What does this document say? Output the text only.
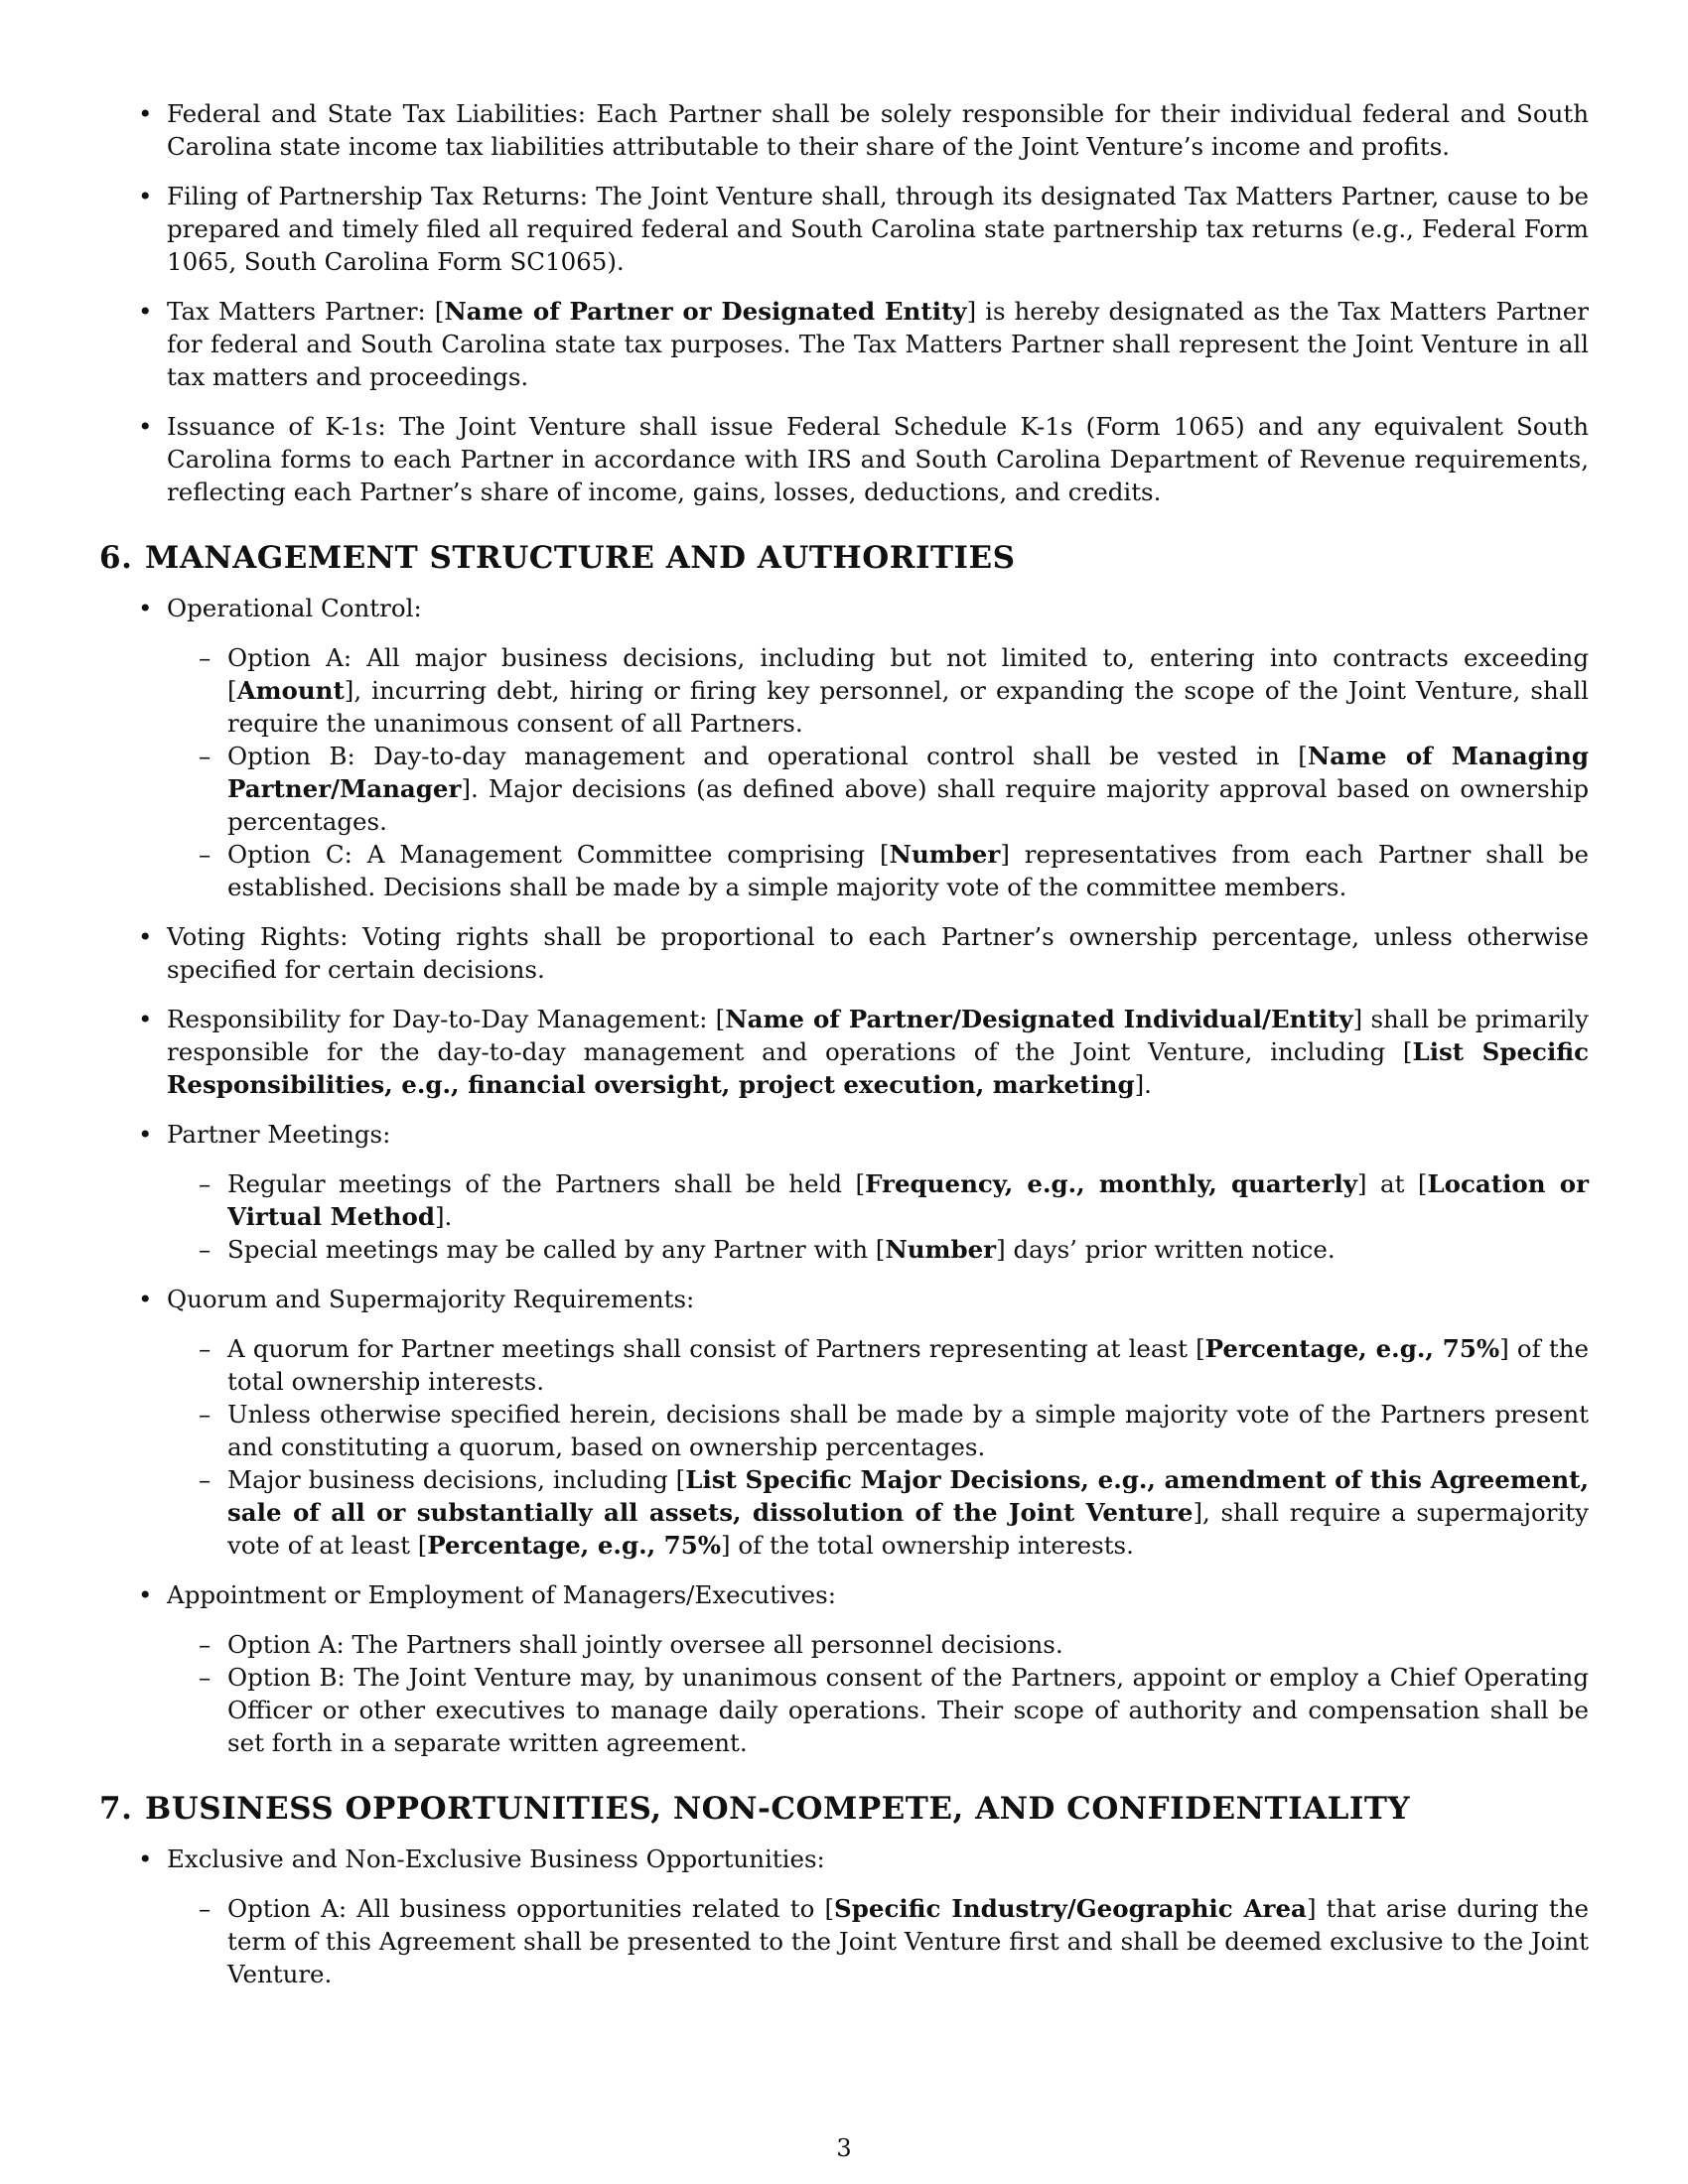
• Federal and State Tax Liabilities: Each Partner shall be solely responsible for their individual federal and South Carolina state income tax liabilities attributable to their share of the Joint Venture’s income and profits.
• Filing of Partnership Tax Returns: The Joint Venture shall, through its designated Tax Matters Partner, cause to be prepared and timely filed all required federal and South Carolina state partnership tax returns (e.g., Federal Form 1065, South Carolina Form SC1065).
• Tax Matters Partner: [Name of Partner or Designated Entity] is hereby designated as the Tax Matters Partner for federal and South Carolina state tax purposes. The Tax Matters Partner shall represent the Joint Venture in all tax matters and proceedings.
• Issuance of K-1s: The Joint Venture shall issue Federal Schedule K-1s (Form 1065) and any equivalent South Carolina forms to each Partner in accordance with IRS and South Carolina Department of Revenue requirements, reflecting each Partner’s share of income, gains, losses, deductions, and credits.
6. MANAGEMENT STRUCTURE AND AUTHORITIES
• Operational Control:
– Option A: All major business decisions, including but not limited to, entering into contracts exceeding [Amount], incurring debt, hiring or firing key personnel, or expanding the scope of the Joint Venture, shall require the unanimous consent of all Partners.
– Option B: Day-to-day management and operational control shall be vested in [Name of Managing Partner/Manager]. Major decisions (as defined above) shall require majority approval based on ownership percentages.
– Option C: A Management Committee comprising [Number] representatives from each Partner shall be established. Decisions shall be made by a simple majority vote of the committee members.
• Voting Rights: Voting rights shall be proportional to each Partner’s ownership percentage, unless otherwise specified for certain decisions.
• Responsibility for Day-to-Day Management: [Name of Partner/Designated Individual/Entity] shall be primarily responsible for the day-to-day management and operations of the Joint Venture, including [List Specific Responsibilities, e.g., financial oversight, project execution, marketing].
• Partner Meetings:
– Regular meetings of the Partners shall be held [Frequency, e.g., monthly, quarterly] at [Location or Virtual Method].
– Special meetings may be called by any Partner with [Number] days’ prior written notice.
• Quorum and Supermajority Requirements:
– A quorum for Partner meetings shall consist of Partners representing at least [Percentage, e.g., 75%] of the total ownership interests.
– Unless otherwise specified herein, decisions shall be made by a simple majority vote of the Partners present and constituting a quorum, based on ownership percentages.
– Major business decisions, including [List Specific Major Decisions, e.g., amendment of this Agreement, sale of all or substantially all assets, dissolution of the Joint Venture], shall require a supermajority vote of at least [Percentage, e.g., 75%] of the total ownership interests.
• Appointment or Employment of Managers/Executives:
– Option A: The Partners shall jointly oversee all personnel decisions.
– Option B: The Joint Venture may, by unanimous consent of the Partners, appoint or employ a Chief Operating Officer or other executives to manage daily operations. Their scope of authority and compensation shall be set forth in a separate written agreement.
7. BUSINESS OPPORTUNITIES, NON-COMPETE, AND CONFIDENTIALITY
• Exclusive and Non-Exclusive Business Opportunities:
– Option A: All business opportunities related to [Specific Industry/Geographic Area] that arise during the term of this Agreement shall be presented to the Joint Venture first and shall be deemed exclusive to the Joint Venture.
3
